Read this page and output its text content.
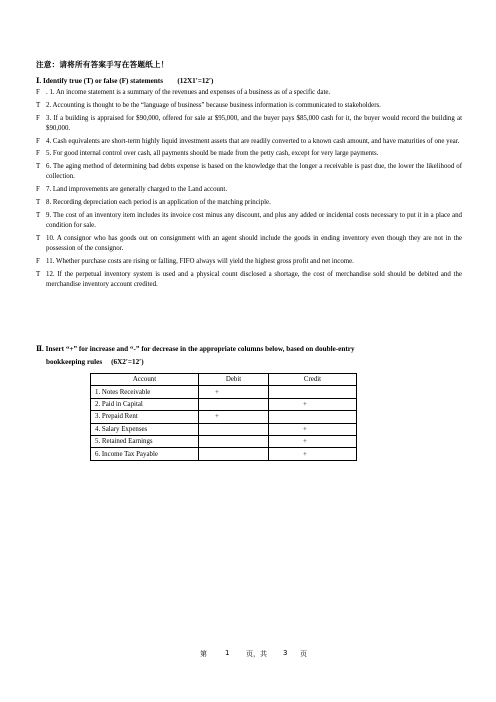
注意：请将所有答案手写在答题纸上！
Ⅰ. Identify true (T) or false (F) statements　　(12X1′=12′)
F . 1. An income statement is a summary of the revenues and expenses of a business as of a specific date.
T 2. Accounting is thought to be the “language of business” because business information is communicated to stakeholders.
F 3. If a building is appraised for $90,000, offered for sale at $95,000, and the buyer pays $85,000 cash for it, the buyer would record the building at $90,000.
F 4. Cash equivalents are short-term highly liquid investment assets that are readily converted to a known cash amount, and have maturities of one year.
F 5. For good internal control over cash, all payments should be made from the petty cash, except for very large payments.
T 6. The aging method of determining bad debts expense is based on the knowledge that the longer a receivable is past due, the lower the likelihood of collection.
F 7. Land improvements are generally charged to the Land account.
T 8. Recording depreciation each period is an application of the matching principle.
T 9. The cost of an inventory item includes its invoice cost minus any discount, and plus any added or incidental costs necessary to put it in a place and condition for sale.
T 10. A consignor who has goods out on consignment with an agent should include the goods in ending inventory even though they are not in the possession of the consignor.
F 11. Whether purchase costs are rising or falling, FIFO always will yield the highest gross profit and net income.
T 12. If the perpetual inventory system is used and a physical count disclosed a shortage, the cost of merchandise sold should be debited and the merchandise inventory account credited.
Ⅱ. Insert “+” for increase and “-” for decrease in the appropriate columns below, based on double-entry
bookkeeping rules　 (6X2′=12′)
Account	Debit	Credit
1. Notes Receivable	+	
2. Paid in Capital		+
3. Prepaid Rent	+	
4. Salary Expenses		+
5. Retained Earnings		+
6. Income Tax Payable		+
第	1 页，共 3 页
